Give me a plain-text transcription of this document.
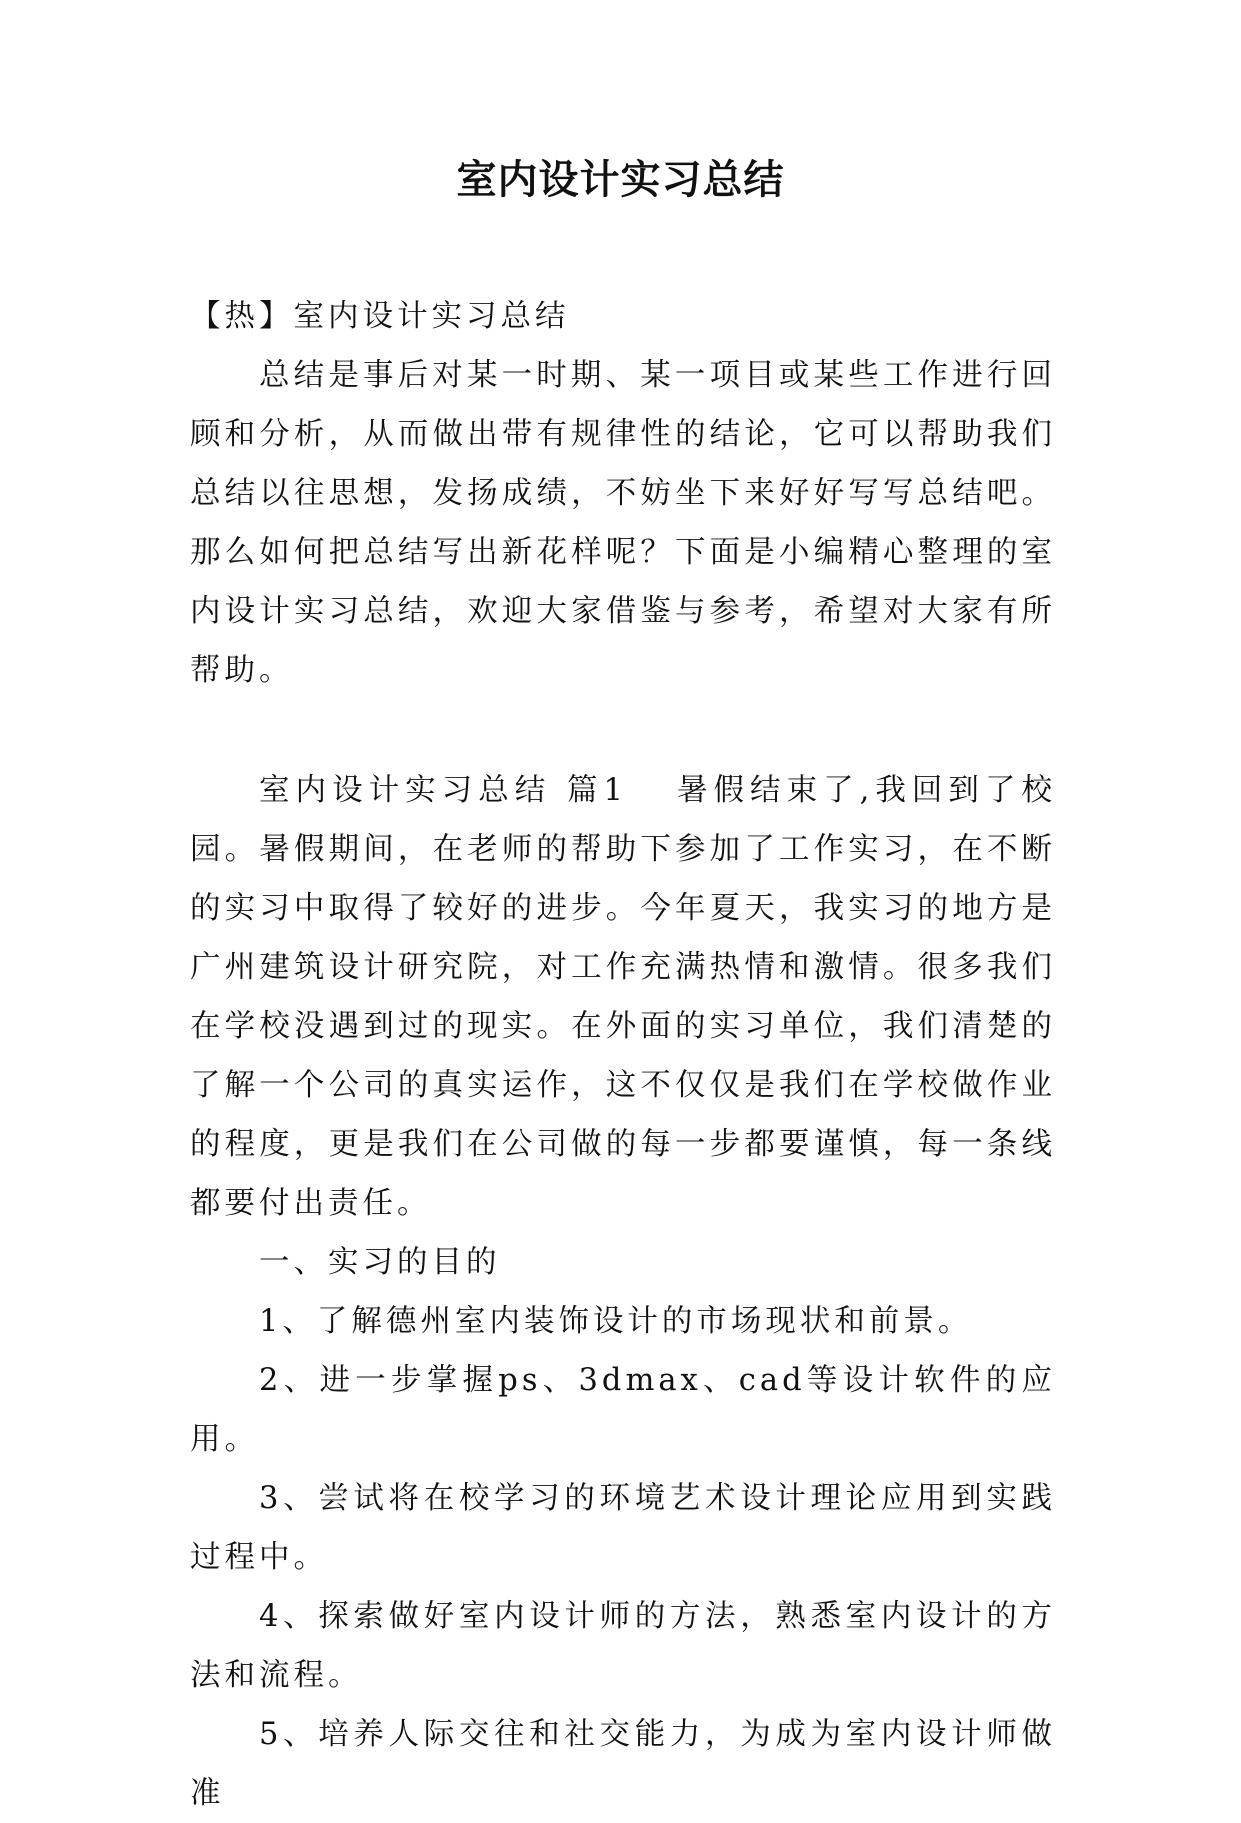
室内设计实习总结

【热】室内设计实习总结

总结是事后对某一时期、某一项目或某些工作进行回顾和分析，从而做出带有规律性的结论，它可以帮助我们总结以往思想，发扬成绩，不妨坐下来好好写写总结吧。那么如何把总结写出新花样呢？下面是小编精心整理的室内设计实习总结，欢迎大家借鉴与参考，希望对大家有所帮助。

室内设计实习总结 篇1 暑假结束了,我回到了校园。暑假期间，在老师的帮助下参加了工作实习，在不断的实习中取得了较好的进步。今年夏天，我实习的地方是广州建筑设计研究院，对工作充满热情和激情。很多我们在学校没遇到过的现实。在外面的实习单位，我们清楚的了解一个公司的真实运作，这不仅仅是我们在学校做作业的程度，更是我们在公司做的每一步都要谨慎，每一条线都要付出责任。

一、实习的目的

1、了解德州室内装饰设计的市场现状和前景。

2、进一步掌握ps、3dmax、cad等设计软件的应用。

3、尝试将在校学习的环境艺术设计理论应用到实践过程中。

4、探索做好室内设计师的方法，熟悉室内设计的方法和流程。

5、培养人际交往和社交能力，为成为室内设计师做准
